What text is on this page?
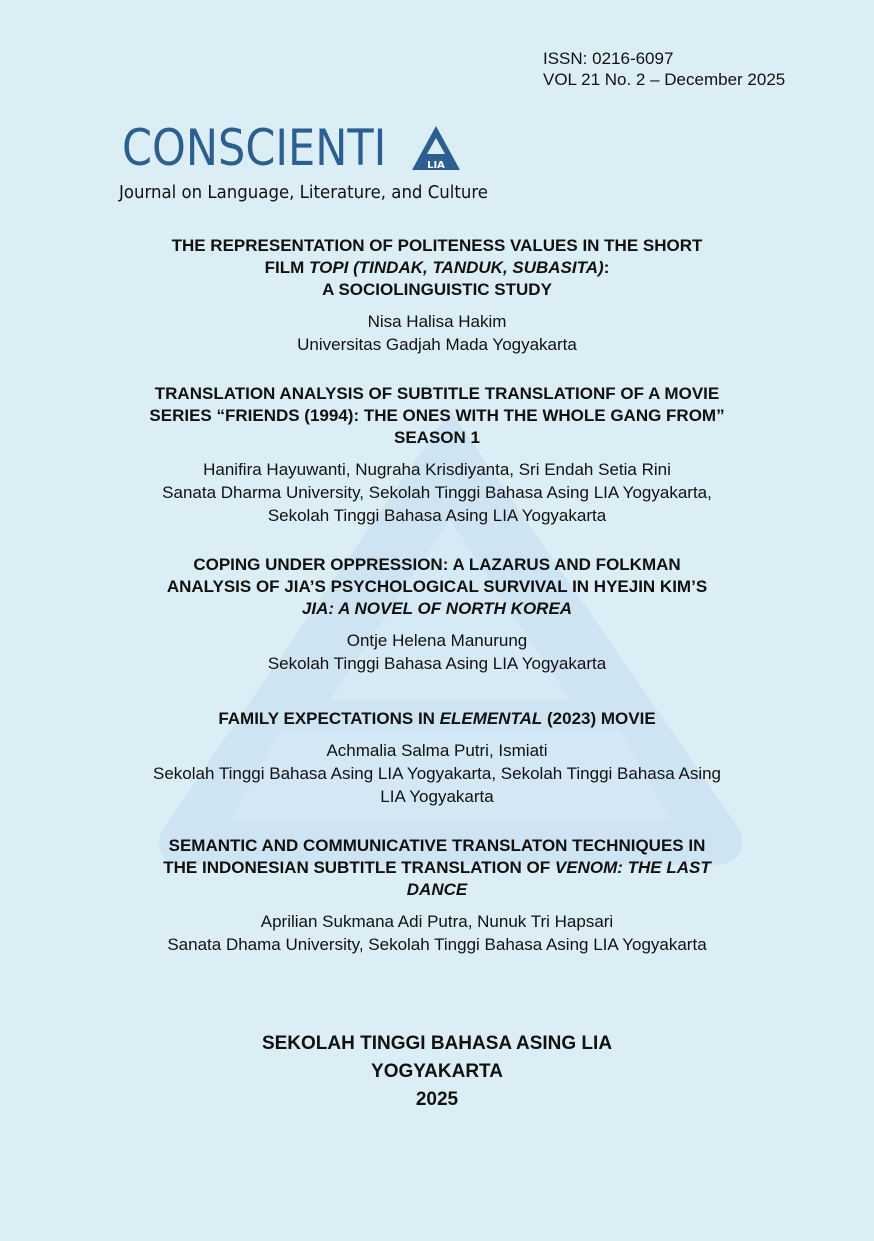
ISSN: 0216-6097
VOL 21 No. 2 – December 2025
CONSCIENTI	LIA
Journal on Language, Literature, and Culture
THE REPRESENTATION OF POLITENESS VALUES IN THE SHORT
FILM TOPI (TINDAK, TANDUK, SUBASITA):
A SOCIOLINGUISTIC STUDY
Nisa Halisa Hakim
Universitas Gadjah Mada Yogyakarta
TRANSLATION ANALYSIS OF SUBTITLE TRANSLATIONF OF A MOVIE
SERIES “FRIENDS (1994): THE ONES WITH THE WHOLE GANG FROM”
SEASON 1
Hanifira Hayuwanti, Nugraha Krisdiyanta, Sri Endah Setia Rini
Sanata Dharma University, Sekolah Tinggi Bahasa Asing LIA Yogyakarta,
Sekolah Tinggi Bahasa Asing LIA Yogyakarta
COPING UNDER OPPRESSION: A LAZARUS AND FOLKMAN
ANALYSIS OF JIA’S PSYCHOLOGICAL SURVIVAL IN HYEJIN KIM’S
JIA: A NOVEL OF NORTH KOREA
Ontje Helena Manurung
Sekolah Tinggi Bahasa Asing LIA Yogyakarta
FAMILY EXPECTATIONS IN ELEMENTAL (2023) MOVIE
Achmalia Salma Putri, Ismiati
Sekolah Tinggi Bahasa Asing LIA Yogyakarta, Sekolah Tinggi Bahasa Asing
LIA Yogyakarta
SEMANTIC AND COMMUNICATIVE TRANSLATON TECHNIQUES IN
THE INDONESIAN SUBTITLE TRANSLATION OF VENOM: THE LAST
DANCE
Aprilian Sukmana Adi Putra, Nunuk Tri Hapsari
Sanata Dhama University, Sekolah Tinggi Bahasa Asing LIA Yogyakarta
SEKOLAH TINGGI BAHASA ASING LIA
YOGYAKARTA
2025
